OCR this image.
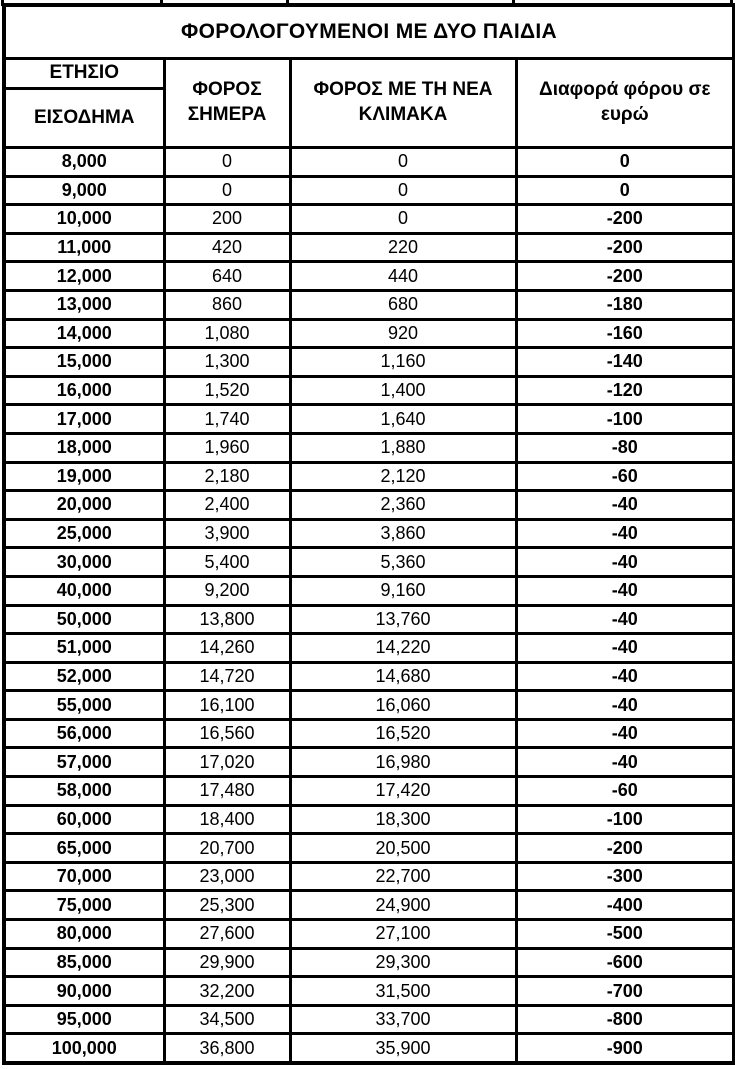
ΦΟΡΟΛΟΓΟΥΜΕΝΟΙ ΜΕ ΔΥΟ ΠΑΙΔΙΑ			

ΕΤΗΣΙΟ
ΕΙΣΟΔΗΜΑ

ΦΟΡΟΣ
ΣΗΜΕΡΑ

ΦΟΡΟΣ ΜΕ ΤΗ ΝΕΑ
ΚΛΙΜΑΚΑ

Διαφορά φόρου σε
ευρώ

8,000	0	0	0
9,000	0	0	0
10,000	200	0	-200
11,000	420	220	-200
12,000	640	440	-200
13,000	860	680	-180
14,000	1,080	920	-160
15,000	1,300	1,160	-140
16,000	1,520	1,400	-120
17,000	1,740	1,640	-100
18,000	1,960	1,880	-80
19,000	2,180	2,120	-60
20,000	2,400	2,360	-40
25,000	3,900	3,860	-40
30,000	5,400	5,360	-40
40,000	9,200	9,160	-40
50,000	13,800	13,760	-40
51,000	14,260	14,220	-40
52,000	14,720	14,680	-40
55,000	16,100	16,060	-40
56,000	16,560	16,520	-40
57,000	17,020	16,980	-40
58,000	17,480	17,420	-60
60,000	18,400	18,300	-100
65,000	20,700	20,500	-200
70,000	23,000	22,700	-300
75,000	25,300	24,900	-400
80,000	27,600	27,100	-500
85,000	29,900	29,300	-600
90,000	32,200	31,500	-700
95,000	34,500	33,700	-800
100,000	36,800	35,900	-900
